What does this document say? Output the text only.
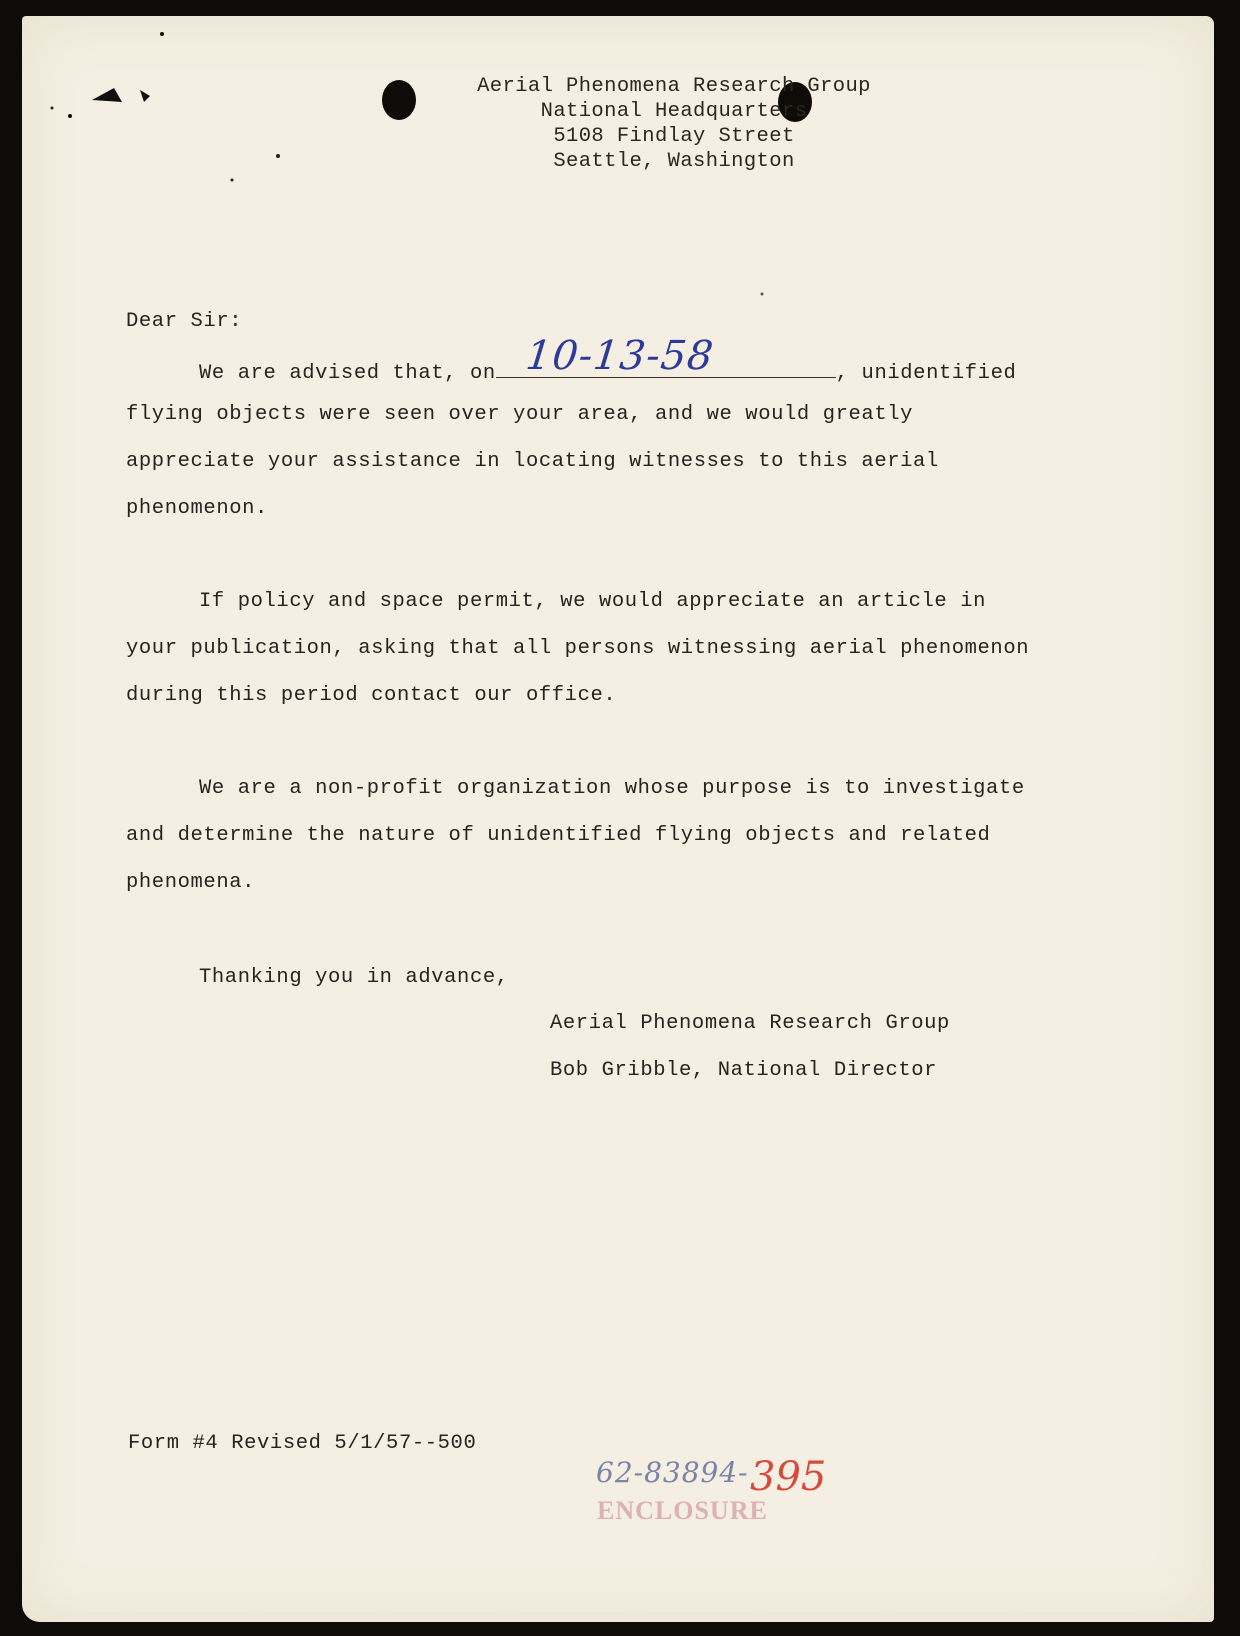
Aerial Phenomena Research Group
National Headquarters
5108 Findlay Street
Seattle, Washington
Dear Sir:
We are advised that, on 10-13-58	, unidentified
flying objects were seen over your area, and we would greatly
appreciate your assistance in locating witnesses to this aerial
phenomenon.
If policy and space permit, we would appreciate an article in
your publication, asking that all persons witnessing aerial phenomenon
during this period contact our office.
We are a non-profit organization whose purpose is to investigate
and determine the nature of unidentified flying objects and related
phenomena.
Thanking you in advance,
Aerial Phenomena Research Group
Bob Gribble, National Director
Form #4 Revised 5/1/57--500
62-83894- 395
ENCLOSURE
